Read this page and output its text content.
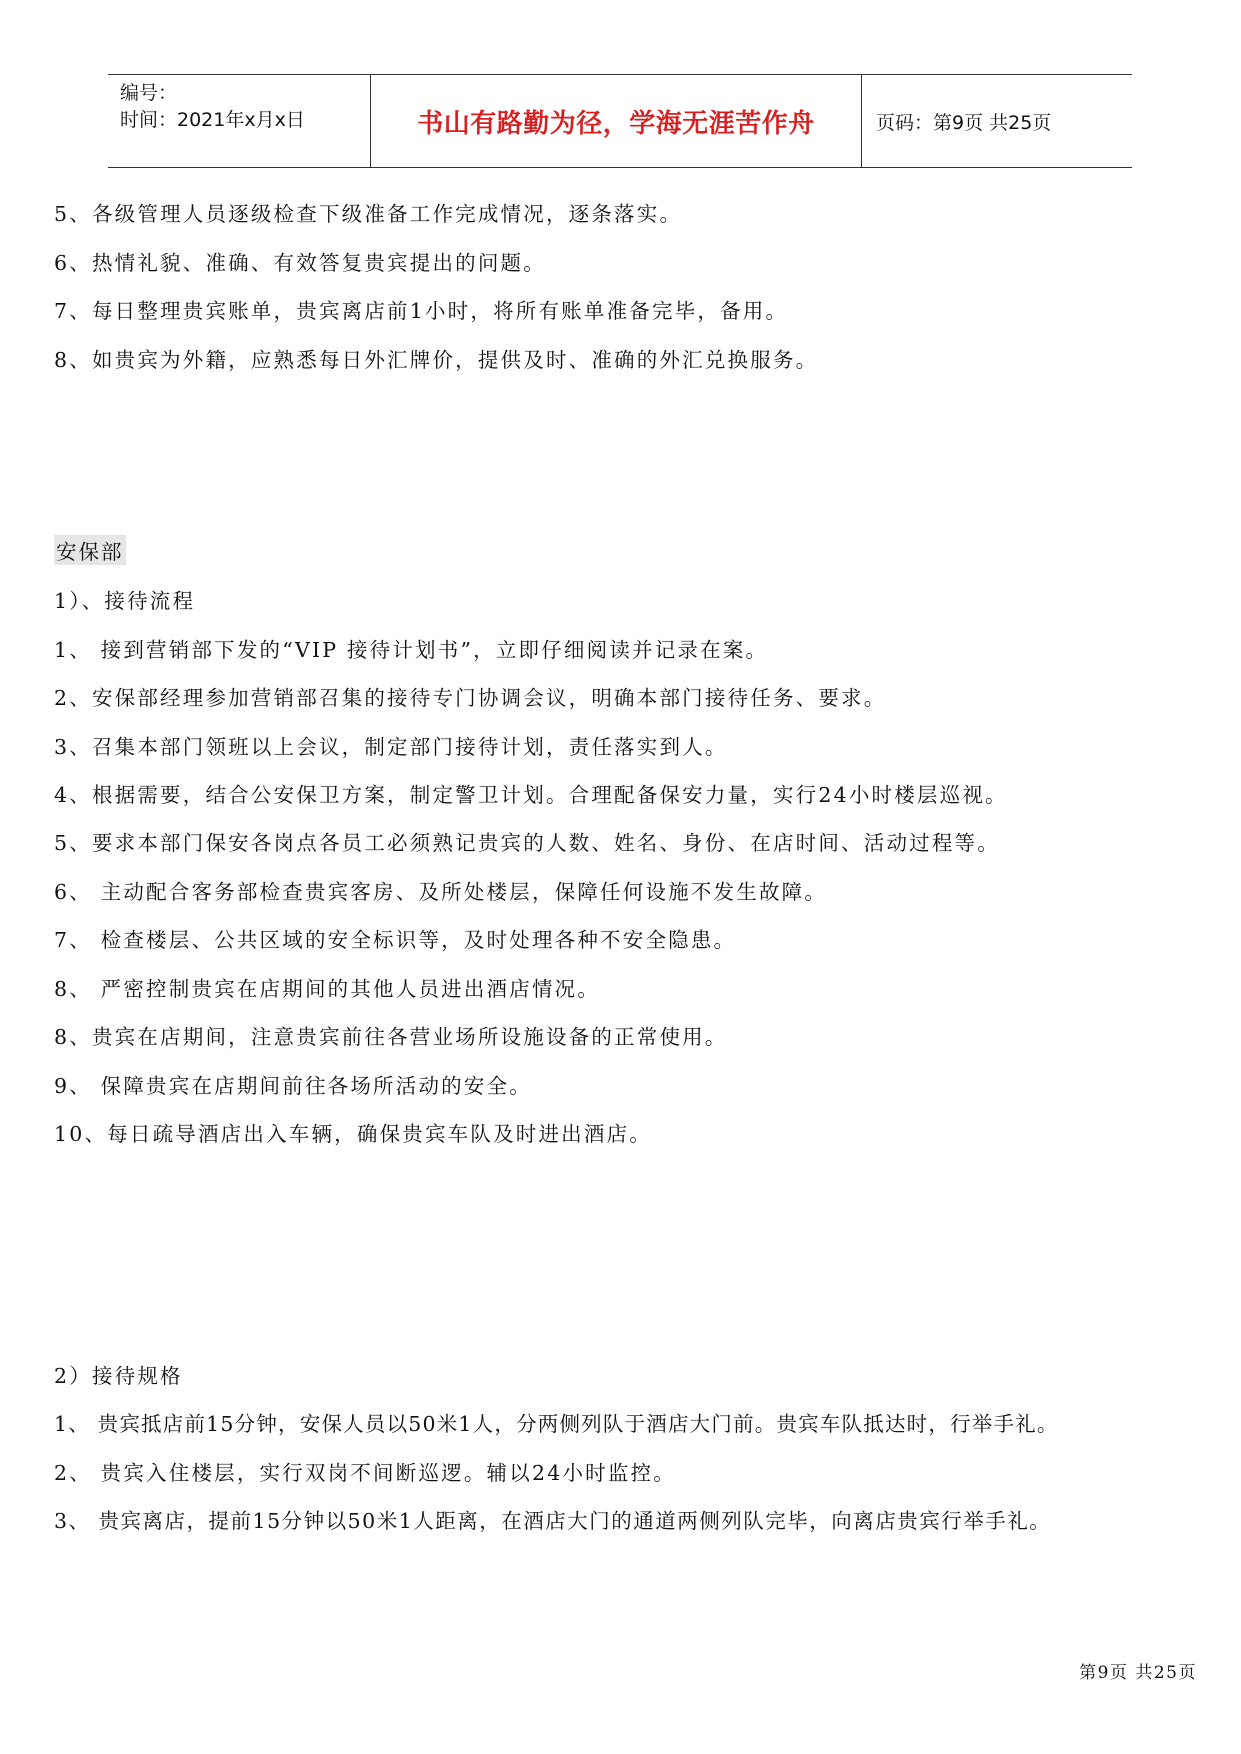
编号：
时间：2021年x月x日	书山有路勤为径，学海无涯苦作舟	页码：第9页 共25页
5、各级管理人员逐级检查下级准备工作完成情况，逐条落实。
6、热情礼貌、准确、有效答复贵宾提出的问题。
7、每日整理贵宾账单，贵宾离店前1小时，将所有账单准备完毕，备用。
8、如贵宾为外籍，应熟悉每日外汇牌价，提供及时、准确的外汇兑换服务。
安保部
1）、接待流程
1、 接到营销部下发的“VIP 接待计划书”，立即仔细阅读并记录在案。
2、安保部经理参加营销部召集的接待专门协调会议，明确本部门接待任务、要求。
3、召集本部门领班以上会议，制定部门接待计划，责任落实到人。
4、根据需要，结合公安保卫方案，制定警卫计划。合理配备保安力量，实行24小时楼层巡视。
5、要求本部门保安各岗点各员工必须熟记贵宾的人数、姓名、身份、在店时间、活动过程等。
6、 主动配合客务部检查贵宾客房、及所处楼层，保障任何设施不发生故障。
7、 检查楼层、公共区域的安全标识等，及时处理各种不安全隐患。
8、 严密控制贵宾在店期间的其他人员进出酒店情况。
8、贵宾在店期间，注意贵宾前往各营业场所设施设备的正常使用。
9、 保障贵宾在店期间前往各场所活动的安全。
10、每日疏导酒店出入车辆，确保贵宾车队及时进出酒店。
2）接待规格
1、 贵宾抵店前15分钟，安保人员以50米1人，分两侧列队于酒店大门前。贵宾车队抵达时，行举手礼。
2、 贵宾入住楼层，实行双岗不间断巡逻。辅以24小时监控。
3、 贵宾离店，提前15分钟以50米1人距离，在酒店大门的通道两侧列队完毕，向离店贵宾行举手礼。
第9页 共25页
